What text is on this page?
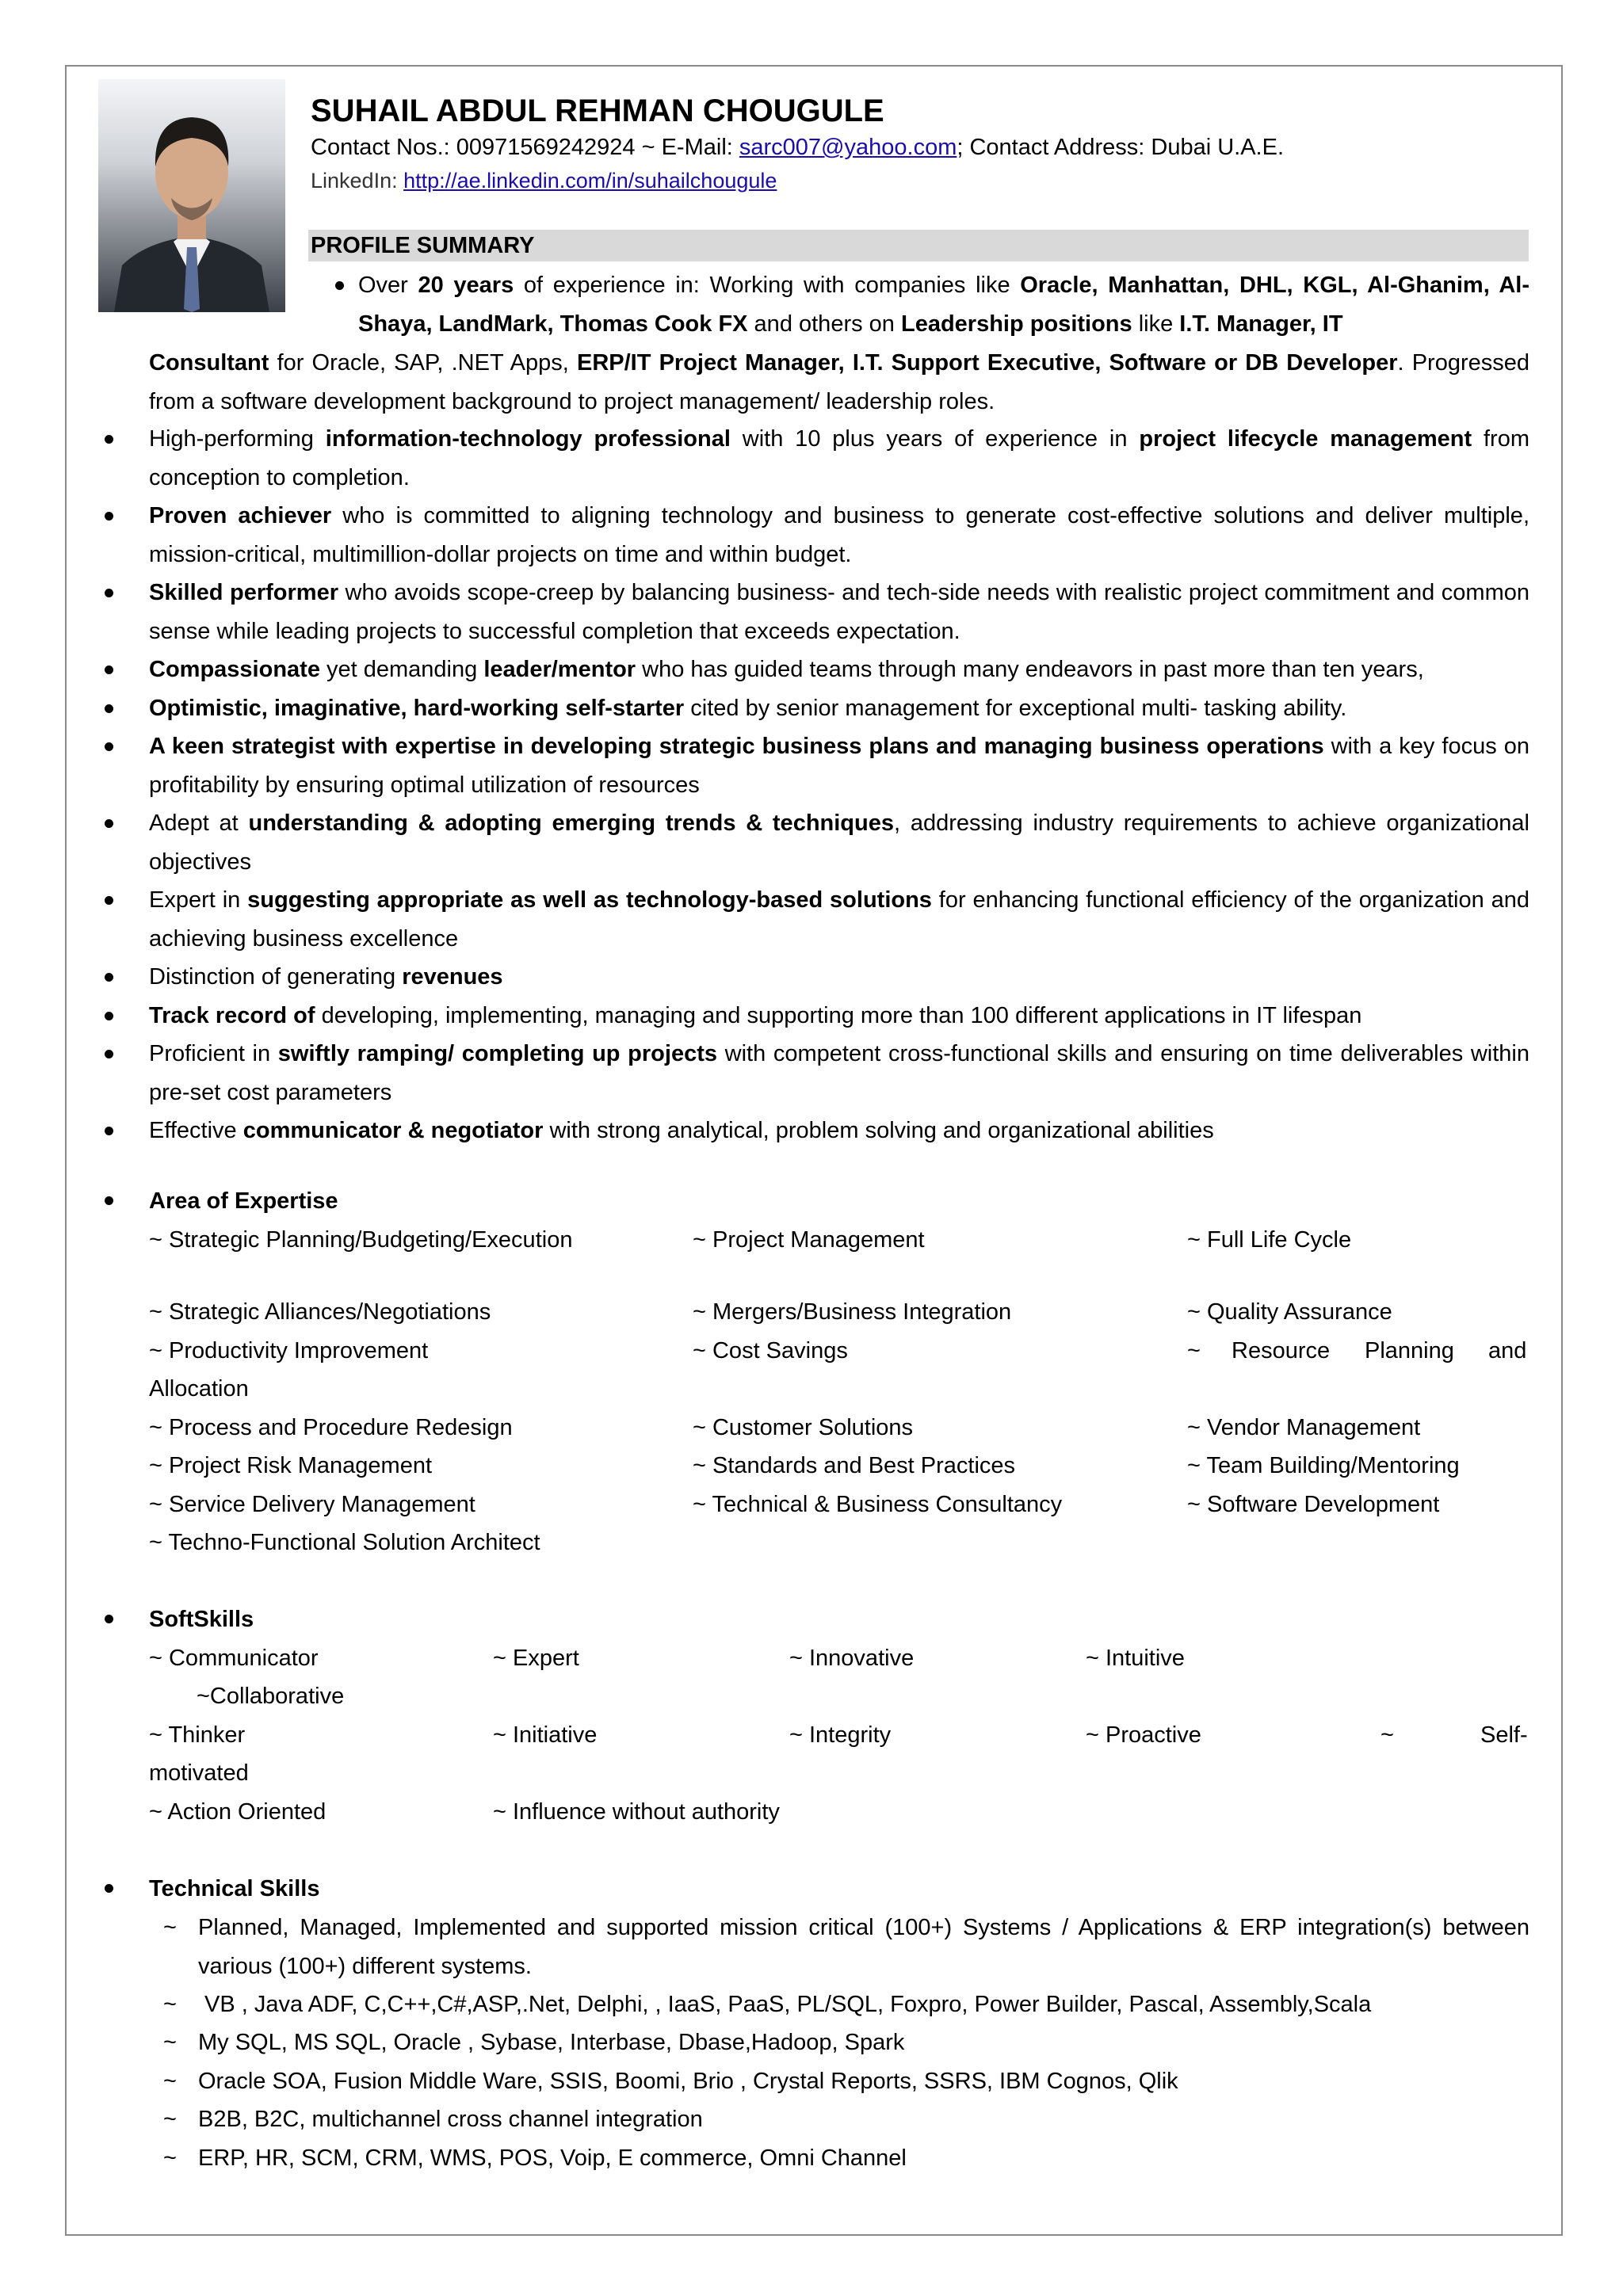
SUHAIL ABDUL REHMAN CHOUGULE
Contact Nos.: 00971569242924 ~ E-Mail: sarc007@yahoo.com; Contact Address: Dubai U.A.E.
LinkedIn: http://ae.linkedin.com/in/suhailchougule
PROFILE SUMMARY
Over 20 years of experience in: Working with companies like Oracle, Manhattan, DHL, KGL, Al-Ghanim, Al-Shaya, LandMark, Thomas Cook FX and others on Leadership positions like I.T. Manager, IT
Consultant for Oracle, SAP, .NET Apps, ERP/IT Project Manager, I.T. Support Executive, Software or DB Developer. Progressed from a software development background to project management/ leadership roles.
High-performing information-technology professional with 10 plus years of experience in project lifecycle management from conception to completion.
Proven achiever who is committed to aligning technology and business to generate cost-effective solutions and deliver multiple, mission-critical, multimillion-dollar projects on time and within budget.
Skilled performer who avoids scope-creep by balancing business- and tech-side needs with realistic project commitment and common sense while leading projects to successful completion that exceeds expectation.
Compassionate yet demanding leader/mentor who has guided teams through many endeavors in past more than ten years,
Optimistic, imaginative, hard-working self-starter cited by senior management for exceptional multi- tasking ability.
A keen strategist with expertise in developing strategic business plans and managing business operations with a key focus on profitability by ensuring optimal utilization of resources
Adept at understanding & adopting emerging trends & techniques, addressing industry requirements to achieve organizational objectives
Expert in suggesting appropriate as well as technology-based solutions for enhancing functional efficiency of the organization and achieving business excellence
Distinction of generating revenues
Track record of developing, implementing, managing and supporting more than 100 different applications in IT lifespan
Proficient in swiftly ramping/ completing up projects with competent cross-functional skills and ensuring on time deliverables within pre-set cost parameters
Effective communicator & negotiator with strong analytical, problem solving and organizational abilities
Area of Expertise
~ Strategic Planning/Budgeting/Execution	~ Project Management	~ Full Life Cycle
~ Strategic Alliances/Negotiations	~ Mergers/Business Integration	~ Quality Assurance
~ Productivity Improvement	~ Cost Savings	~ Resource Planning and
Allocation
~ Process and Procedure Redesign	~ Customer Solutions	~ Vendor Management
~ Project Risk Management	~ Standards and Best Practices	~ Team Building/Mentoring
~ Service Delivery Management	~ Technical & Business Consultancy	~ Software Development
~ Techno-Functional Solution Architect
SoftSkills
~ Communicator	~ Expert	~ Innovative	~ Intuitive
~Collaborative
~ Thinker	~ Initiative	~ Integrity	~ Proactive	~	Self-
motivated
~ Action Oriented	~ Influence without authority
Technical Skills
~ Planned, Managed, Implemented and supported mission critical (100+) Systems / Applications & ERP integration(s) between various (100+) different systems.
~ VB , Java ADF, C,C++,C#,ASP,.Net, Delphi, , IaaS, PaaS, PL/SQL, Foxpro, Power Builder, Pascal, Assembly,Scala
~ My SQL, MS SQL, Oracle , Sybase, Interbase, Dbase,Hadoop, Spark
~ Oracle SOA, Fusion Middle Ware, SSIS, Boomi, Brio , Crystal Reports, SSRS, IBM Cognos, Qlik
~ B2B, B2C, multichannel cross channel integration
~ ERP, HR, SCM, CRM, WMS, POS, Voip, E commerce, Omni Channel
